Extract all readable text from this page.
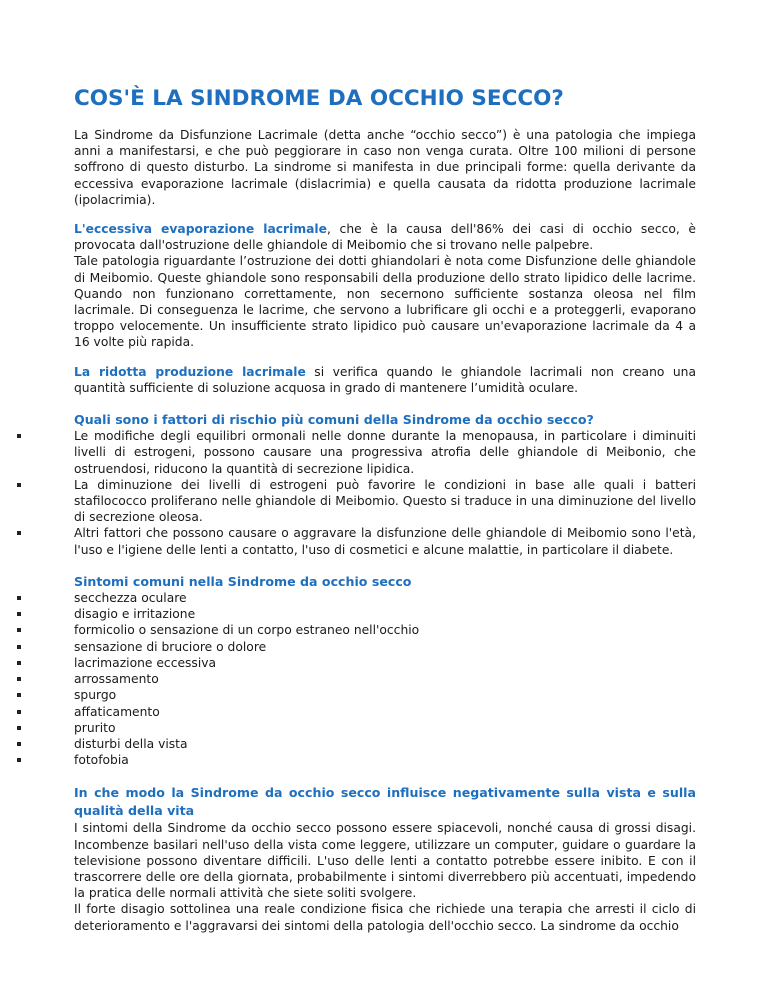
COS'È LA SINDROME DA OCCHIO SECCO?

La Sindrome da Disfunzione Lacrimale (detta anche “occhio secco”) è una patologia che impiega anni a manifestarsi, e che può peggiorare in caso non venga curata. Oltre 100 milioni di persone soffrono di questo disturbo. La sindrome si manifesta in due principali forme: quella derivante da eccessiva evaporazione lacrimale (dislacrimia) e quella causata da ridotta produzione lacrimale (ipolacrimia).

L'eccessiva evaporazione lacrimale, che è la causa dell'86% dei casi di occhio secco, è provocata dall'ostruzione delle ghiandole di Meibomio che si trovano nelle palpebre.

Tale patologia riguardante l’ostruzione dei dotti ghiandolari è nota come Disfunzione delle ghiandole di Meibomio. Queste ghiandole sono responsabili della produzione dello strato lipidico delle lacrime. Quando non funzionano correttamente, non secernono sufficiente sostanza oleosa nel film lacrimale. Di conseguenza le lacrime, che servono a lubrificare gli occhi e a proteggerli, evaporano troppo velocemente. Un insufficiente strato lipidico può causare un'evaporazione lacrimale da 4 a 16 volte più rapida.

La ridotta produzione lacrimale si verifica quando le ghiandole lacrimali non creano una quantità sufficiente di soluzione acquosa in grado di mantenere l’umidità oculare.

Quali sono i fattori di rischio più comuni della Sindrome da occhio secco?

Le modifiche degli equilibri ormonali nelle donne durante la menopausa, in particolare i diminuiti livelli di estrogeni, possono causare una progressiva atrofia delle ghiandole di Meibonio, che ostruendosi, riducono la quantità di secrezione lipidica.
La diminuzione dei livelli di estrogeni può favorire le condizioni in base alle quali i batteri stafilococco proliferano nelle ghiandole di Meibomio. Questo si traduce in una diminuzione del livello di secrezione oleosa.
Altri fattori che possono causare o aggravare la disfunzione delle ghiandole di Meibomio sono l'età, l'uso e l'igiene delle lenti a contatto, l'uso di cosmetici e alcune malattie, in particolare il diabete.

Sintomi comuni nella Sindrome da occhio secco

secchezza oculare
disagio e irritazione
formicolio o sensazione di un corpo estraneo nell'occhio
sensazione di bruciore o dolore
lacrimazione eccessiva
arrossamento
spurgo
affaticamento
prurito
disturbi della vista
fotofobia

In che modo la Sindrome da occhio secco influisce negativamente sulla vista e sulla qualità della vita

I sintomi della Sindrome da occhio secco possono essere spiacevoli, nonché causa di grossi disagi. Incombenze basilari nell'uso della vista come leggere, utilizzare un computer, guidare o guardare la televisione possono diventare difficili. L'uso delle lenti a contatto potrebbe essere inibito. E con il trascorrere delle ore della giornata, probabilmente i sintomi diverrebbero più accentuati, impedendo la pratica delle normali attività che siete soliti svolgere.

Il forte disagio sottolinea una reale condizione fisica che richiede una terapia che arresti il ciclo di deterioramento e l'aggravarsi dei sintomi della patologia dell'occhio secco. La sindrome da occhio
